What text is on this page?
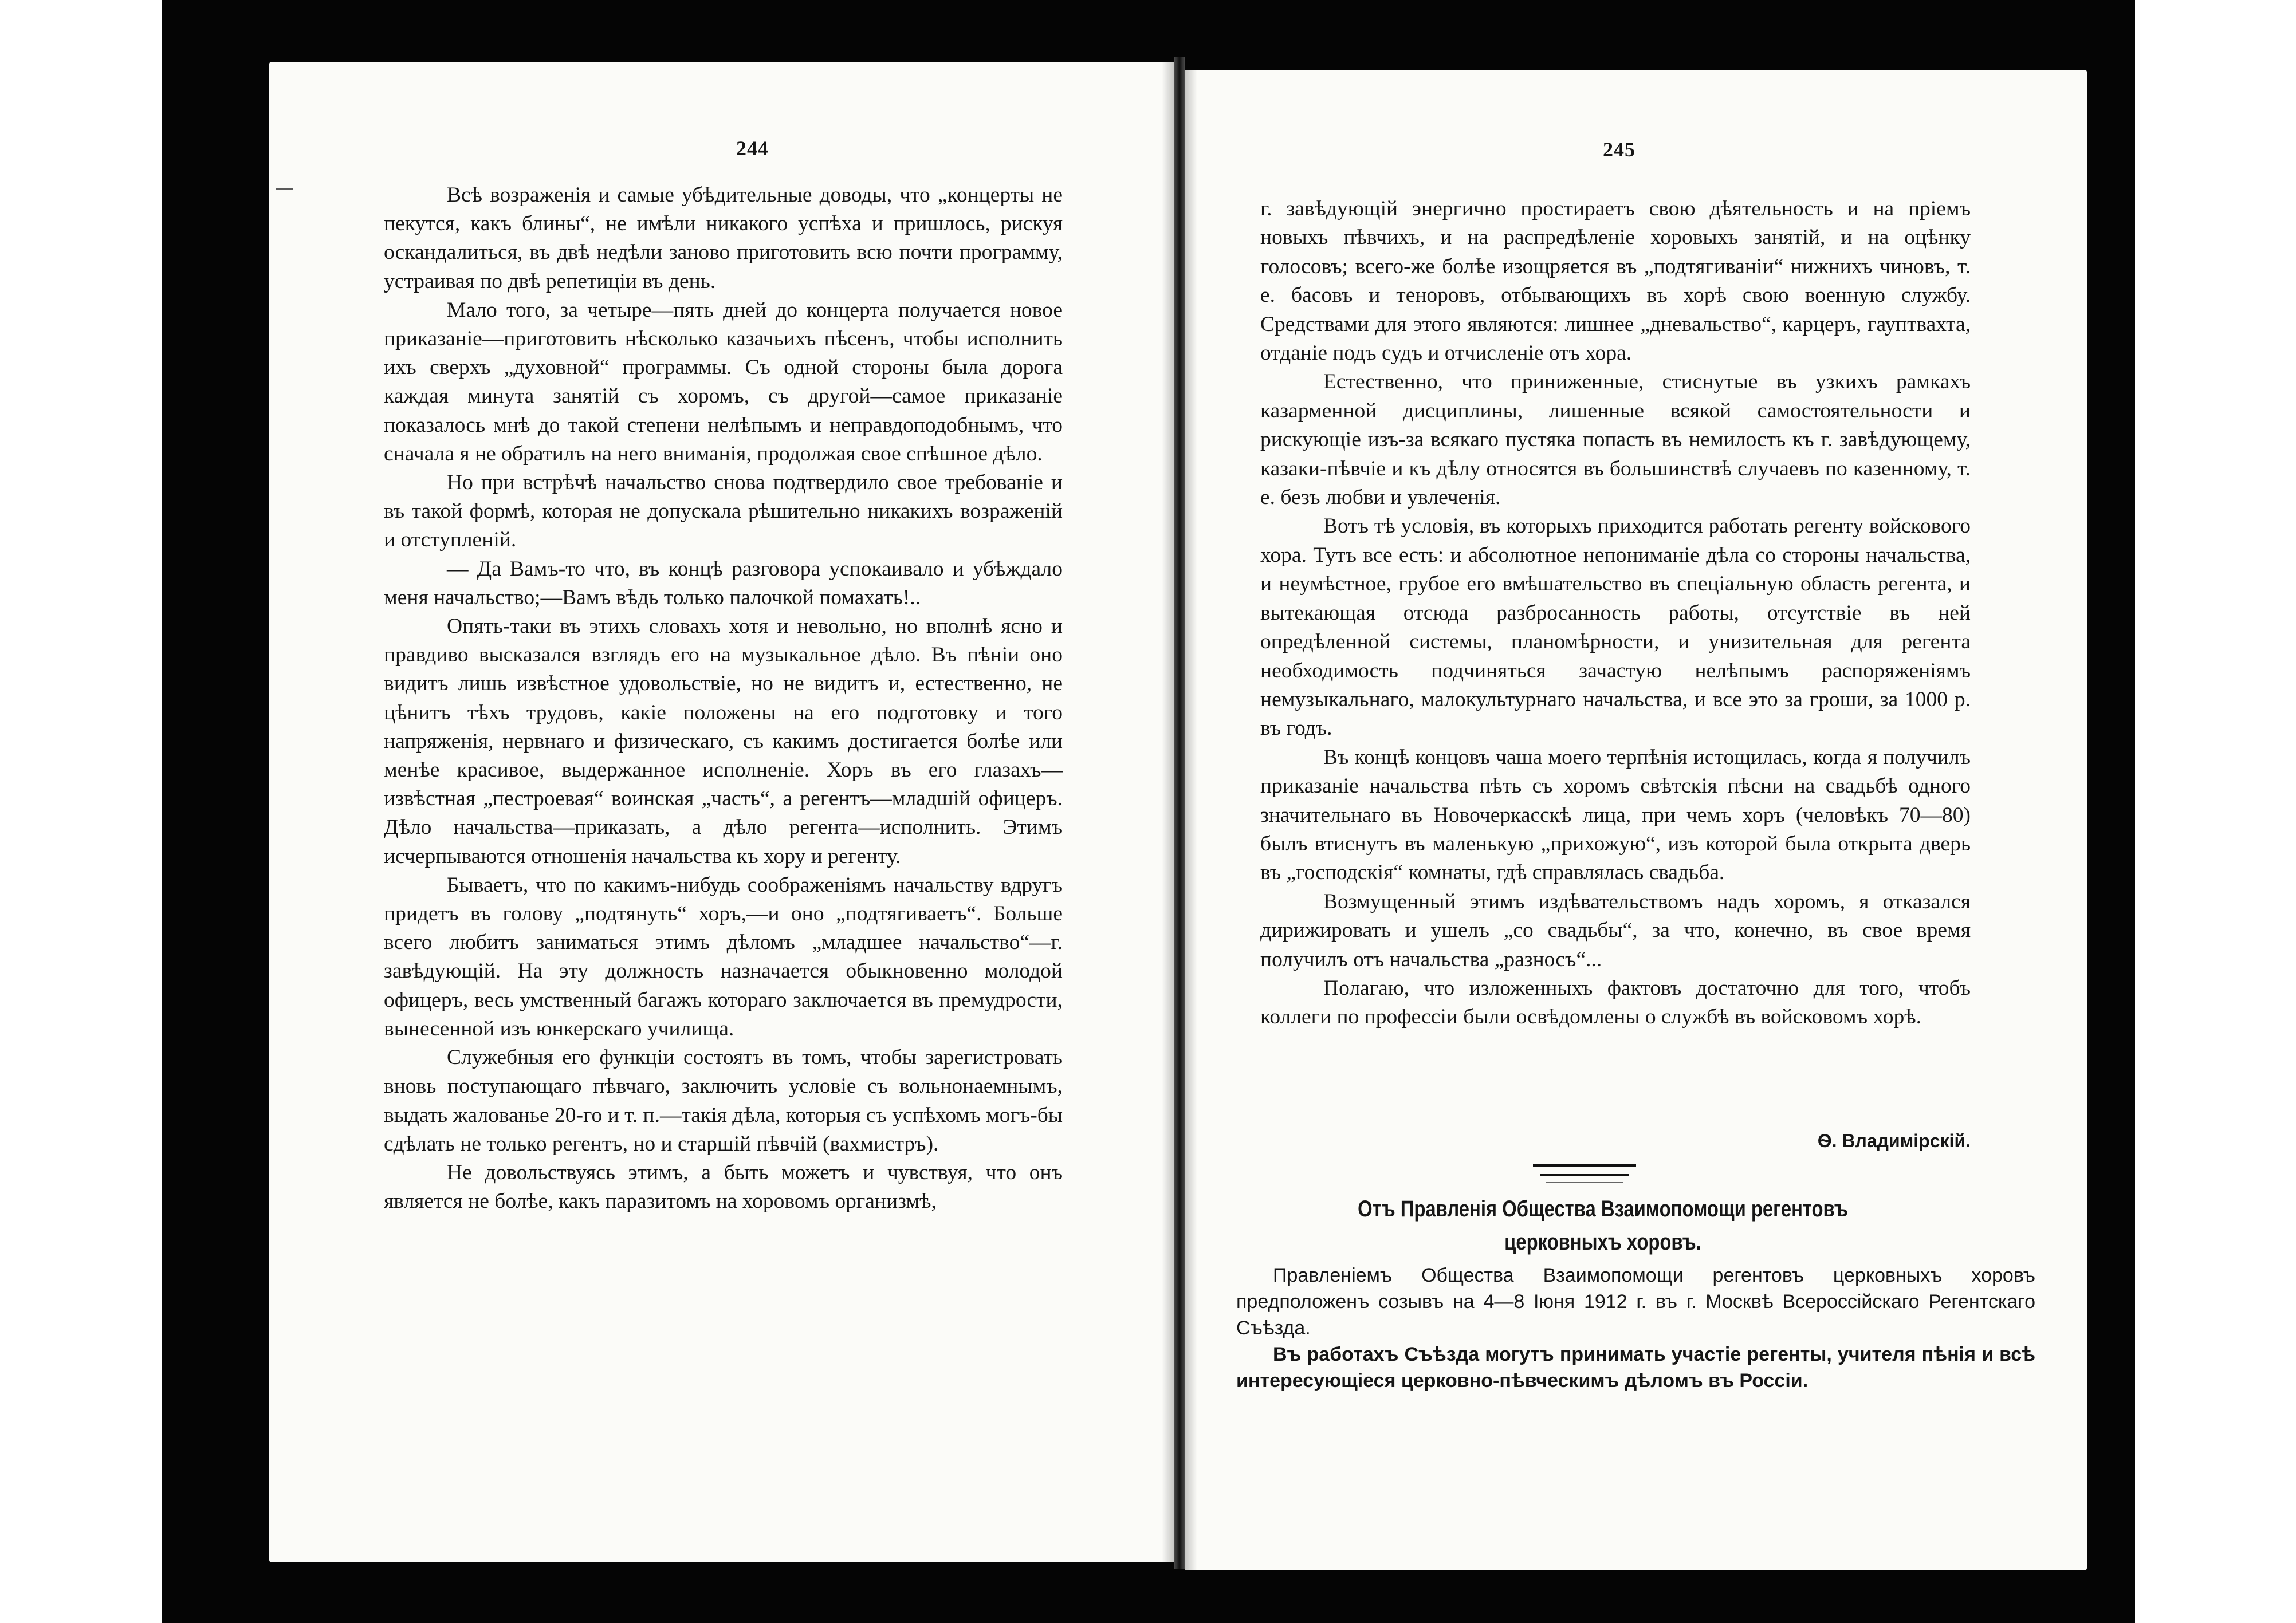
244

Всѣ возраженія и самые убѣдительные доводы, что „концерты не пекутся, какъ блины“, не имѣли никакого успѣха и пришлось, рискуя оскандалиться, въ двѣ недѣли заново приготовить всю почти программу, устраивая по двѣ репетиціи въ день.

Мало того, за четыре—пять дней до концерта получается новое приказаніе—приготовить нѣсколько казачьихъ пѣсенъ, чтобы исполнить ихъ сверхъ „духовной“ программы. Съ одной стороны была дорога каждая минута занятій съ хоромъ, съ другой—самое приказаніе показалось мнѣ до такой степени нелѣпымъ и неправдоподобнымъ, что сначала я не обратилъ на него вниманія, продолжая свое спѣшное дѣло.

Но при встрѣчѣ начальство снова подтвердило свое требованіе и въ такой формѣ, которая не допускала рѣшительно никакихъ возраженій и отступленій.

— Да Вамъ-то что, въ концѣ разговора успокаивало и убѣждало меня начальство;—Вамъ вѣдь только палочкой помахать!..

Опять-таки въ этихъ словахъ хотя и невольно, но вполнѣ ясно и правдиво высказался взглядъ его на музыкальное дѣло. Въ пѣніи оно видитъ лишь извѣстное удовольствіе, но не видитъ и, естественно, не цѣнитъ тѣхъ трудовъ, какіе положены на его подготовку и того напряженія, нервнаго и физическаго, съ какимъ достигается болѣе или менѣе красивое, выдержанное исполненіе. Хоръ въ его глазахъ—извѣстная „пестроевая“ воинская „часть“, а регентъ—младшій офицеръ. Дѣло начальства—приказать, а дѣло регента—исполнить. Этимъ исчерпываются отношенія начальства къ хору и регенту.

Бываетъ, что по какимъ-нибудь соображеніямъ начальству вдругъ придетъ въ голову „подтянуть“ хоръ,—и оно „подтягиваетъ“. Больше всего любитъ заниматься этимъ дѣломъ „младшее начальство“—г. завѣдующій. На эту должность назначается обыкновенно молодой офицеръ, весь умственный багажъ котораго заключается въ премудрости, вынесенной изъ юнкерскаго училища.

Служебныя его функціи состоятъ въ томъ, чтобы зарегистровать вновь поступающаго пѣвчаго, заключить условіе съ вольнонаемнымъ, выдать жалованье 20-го и т. п.—такія дѣла, которыя съ успѣхомъ могъ-бы сдѣлать не только регентъ, но и старшій пѣвчій (вахмистръ).

Не довольствуясь этимъ, а быть можетъ и чувствуя, что онъ является не болѣе, какъ паразитомъ на хоровомъ организмѣ,

245

г. завѣдующій энергично простираетъ свою дѣятельность и на пріемъ новыхъ пѣвчихъ, и на распредѣленіе хоровыхъ занятій, и на оцѣнку голосовъ; всего-же болѣе изощряется въ „подтягиваніи“ нижнихъ чиновъ, т. е. басовъ и теноровъ, отбывающихъ въ хорѣ свою военную службу. Средствами для этого являются: лишнее „дневальство“, карцеръ, гауптвахта, отданіе подъ судъ и отчисленіе отъ хора.

Естественно, что приниженные, стиснутые въ узкихъ рамкахъ казарменной дисциплины, лишенные всякой самостоятельности и рискующіе изъ-за всякаго пустяка попасть въ немилость къ г. завѣдующему, казаки-пѣвчіе и къ дѣлу относятся въ большинствѣ случаевъ по казенному, т. е. безъ любви и увлеченія.

Вотъ тѣ условія, въ которыхъ приходится работать регенту войскового хора. Тутъ все есть: и абсолютное непониманіе дѣла со стороны начальства, и неумѣстное, грубое его вмѣшательство въ спеціальную область регента, и вытекающая отсюда разбросанность работы, отсутствіе въ ней опредѣленной системы, планомѣрности, и унизительная для регента необходимость подчиняться зачастую нелѣпымъ распоряженіямъ немузыкальнаго, малокультурнаго начальства, и все это за гроши, за 1000 р. въ годъ.

Въ концѣ концовъ чаша моего терпѣнія истощилась, когда я получилъ приказаніе начальства пѣть съ хоромъ свѣтскія пѣсни на свадьбѣ одного значительнаго въ Новочеркасскѣ лица, при чемъ хоръ (человѣкъ 70—80) былъ втиснутъ въ маленькую „прихожую“, изъ которой была открыта дверь въ „господскія“ комнаты, гдѣ справлялась свадьба.

Возмущенный этимъ издѣвательствомъ надъ хоромъ, я отказался дирижировать и ушелъ „со свадьбы“, за что, конечно, въ свое время получилъ отъ начальства „разносъ“...

Полагаю, что изложенныхъ фактовъ достаточно для того, чтобъ коллеги по профессіи были освѣдомлены о службѣ въ войсковомъ хорѣ.

Ѳ. Владимірскій.
Отъ Правленія Общества Взаимопомощи регентовъ церковныхъ хоровъ.

Правленіемъ Общества Взаимопомощи регентовъ церковныхъ хоровъ предположенъ созывъ на 4—8 Іюня 1912 г. въ г. Москвѣ Всероссійскаго Регентскаго Съѣзда.

Въ работахъ Съѣзда могутъ принимать участіе регенты, учителя пѣнія и всѣ интересующіеся церковно-пѣвческимъ дѣломъ въ Россіи.
